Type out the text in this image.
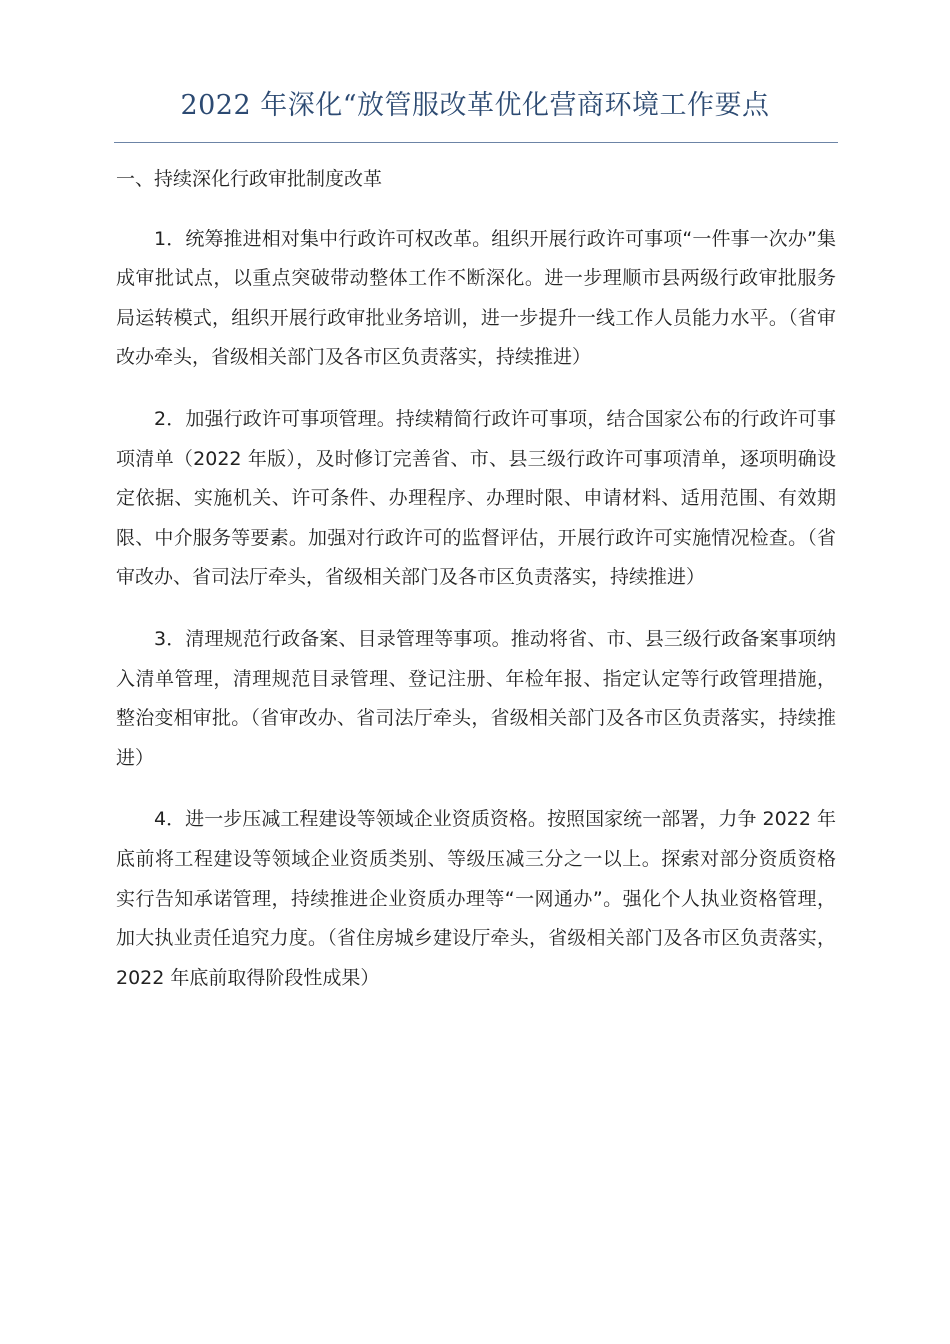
2022 年深化“放管服改革优化营商环境工作要点

一、持续深化行政审批制度改革

1．统筹推进相对集中行政许可权改革。组织开展行政许可事项“一件事一次办”集成审批试点，以重点突破带动整体工作不断深化。进一步理顺市县两级行政审批服务局运转模式，组织开展行政审批业务培训，进一步提升一线工作人员能力水平。（省审改办牵头，省级相关部门及各市区负责落实，持续推进）

2．加强行政许可事项管理。持续精简行政许可事项，结合国家公布的行政许可事项清单（2022 年版），及时修订完善省、市、县三级行政许可事项清单，逐项明确设定依据、实施机关、许可条件、办理程序、办理时限、申请材料、适用范围、有效期限、中介服务等要素。加强对行政许可的监督评估，开展行政许可实施情况检查。（省审改办、省司法厅牵头，省级相关部门及各市区负责落实，持续推进）

3．清理规范行政备案、目录管理等事项。推动将省、市、县三级行政备案事项纳入清单管理，清理规范目录管理、登记注册、年检年报、指定认定等行政管理措施，整治变相审批。（省审改办、省司法厅牵头，省级相关部门及各市区负责落实，持续推进）

4．进一步压减工程建设等领域企业资质资格。按照国家统一部署，力争 2022 年底前将工程建设等领域企业资质类别、等级压减三分之一以上。探索对部分资质资格实行告知承诺管理，持续推进企业资质办理等“一网通办”。强化个人执业资格管理，加大执业责任追究力度。（省住房城乡建设厅牵头，省级相关部门及各市区负责落实，2022 年底前取得阶段性成果）
